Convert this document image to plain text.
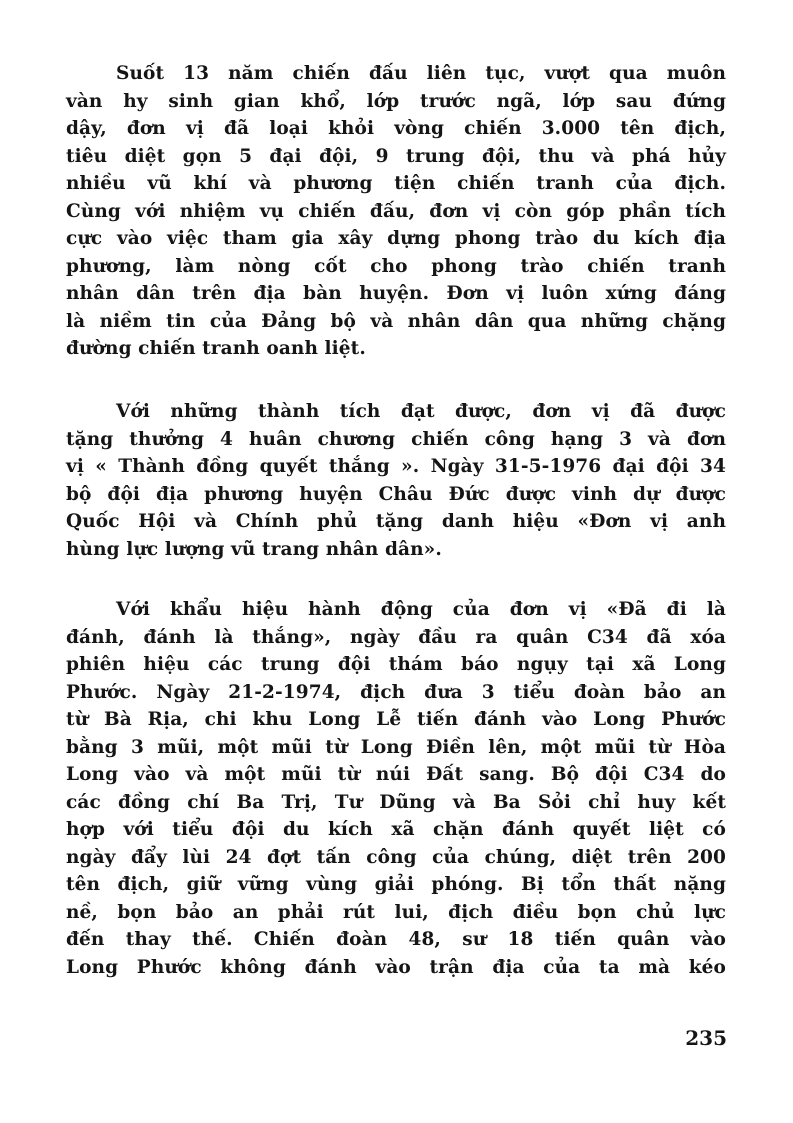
Suốt 13 năm chiến đấu liên tục, vượt qua muôn
vàn hy sinh gian khổ, lớp trước ngã, lớp sau đứng
dậy, đơn vị đã loại khỏi vòng chiến 3.000 tên địch,
tiêu diệt gọn 5 đại đội, 9 trung đội, thu và phá hủy
nhiều vũ khí và phương tiện chiến tranh của địch.
Cùng với nhiệm vụ chiến đấu, đơn vị còn góp phần tích
cực vào việc tham gia xây dựng phong trào du kích địa
phương, làm nòng cốt cho phong trào chiến tranh
nhân dân trên địa bàn huyện. Đơn vị luôn xứng đáng
là niềm tin của Đảng bộ và nhân dân qua những chặng
đường chiến tranh oanh liệt.
Với những thành tích đạt được, đơn vị đã được
tặng thưởng 4 huân chương chiến công hạng 3 và đơn
vị « Thành đồng quyết thắng ». Ngày 31-5-1976 đại đội 34
bộ đội địa phương huyện Châu Đức được vinh dự được
Quốc Hội và Chính phủ tặng danh hiệu «Đơn vị anh
hùng lực lượng vũ trang nhân dân».
Với khẩu hiệu hành động của đơn vị «Đã đi là
đánh, đánh là thắng», ngày đầu ra quân C34 đã xóa
phiên hiệu các trung đội thám báo ngụy tại xã Long
Phước. Ngày 21-2-1974, địch đưa 3 tiểu đoàn bảo an
từ Bà Rịa, chi khu Long Lễ tiến đánh vào Long Phước
bằng 3 mũi, một mũi từ Long Điền lên, một mũi từ Hòa
Long vào và một mũi từ núi Đất sang. Bộ đội C34 do
các đồng chí Ba Trị, Tư Dũng và Ba Sỏi chỉ huy kết
hợp với tiểu đội du kích xã chặn đánh quyết liệt có
ngày đẩy lùi 24 đợt tấn công của chúng, diệt trên 200
tên địch, giữ vững vùng giải phóng. Bị tổn thất nặng
nề, bọn bảo an phải rút lui, địch điều bọn chủ lực
đến thay thế. Chiến đoàn 48, sư 18 tiến quân vào
Long Phước không đánh vào trận địa của ta mà kéo
235
